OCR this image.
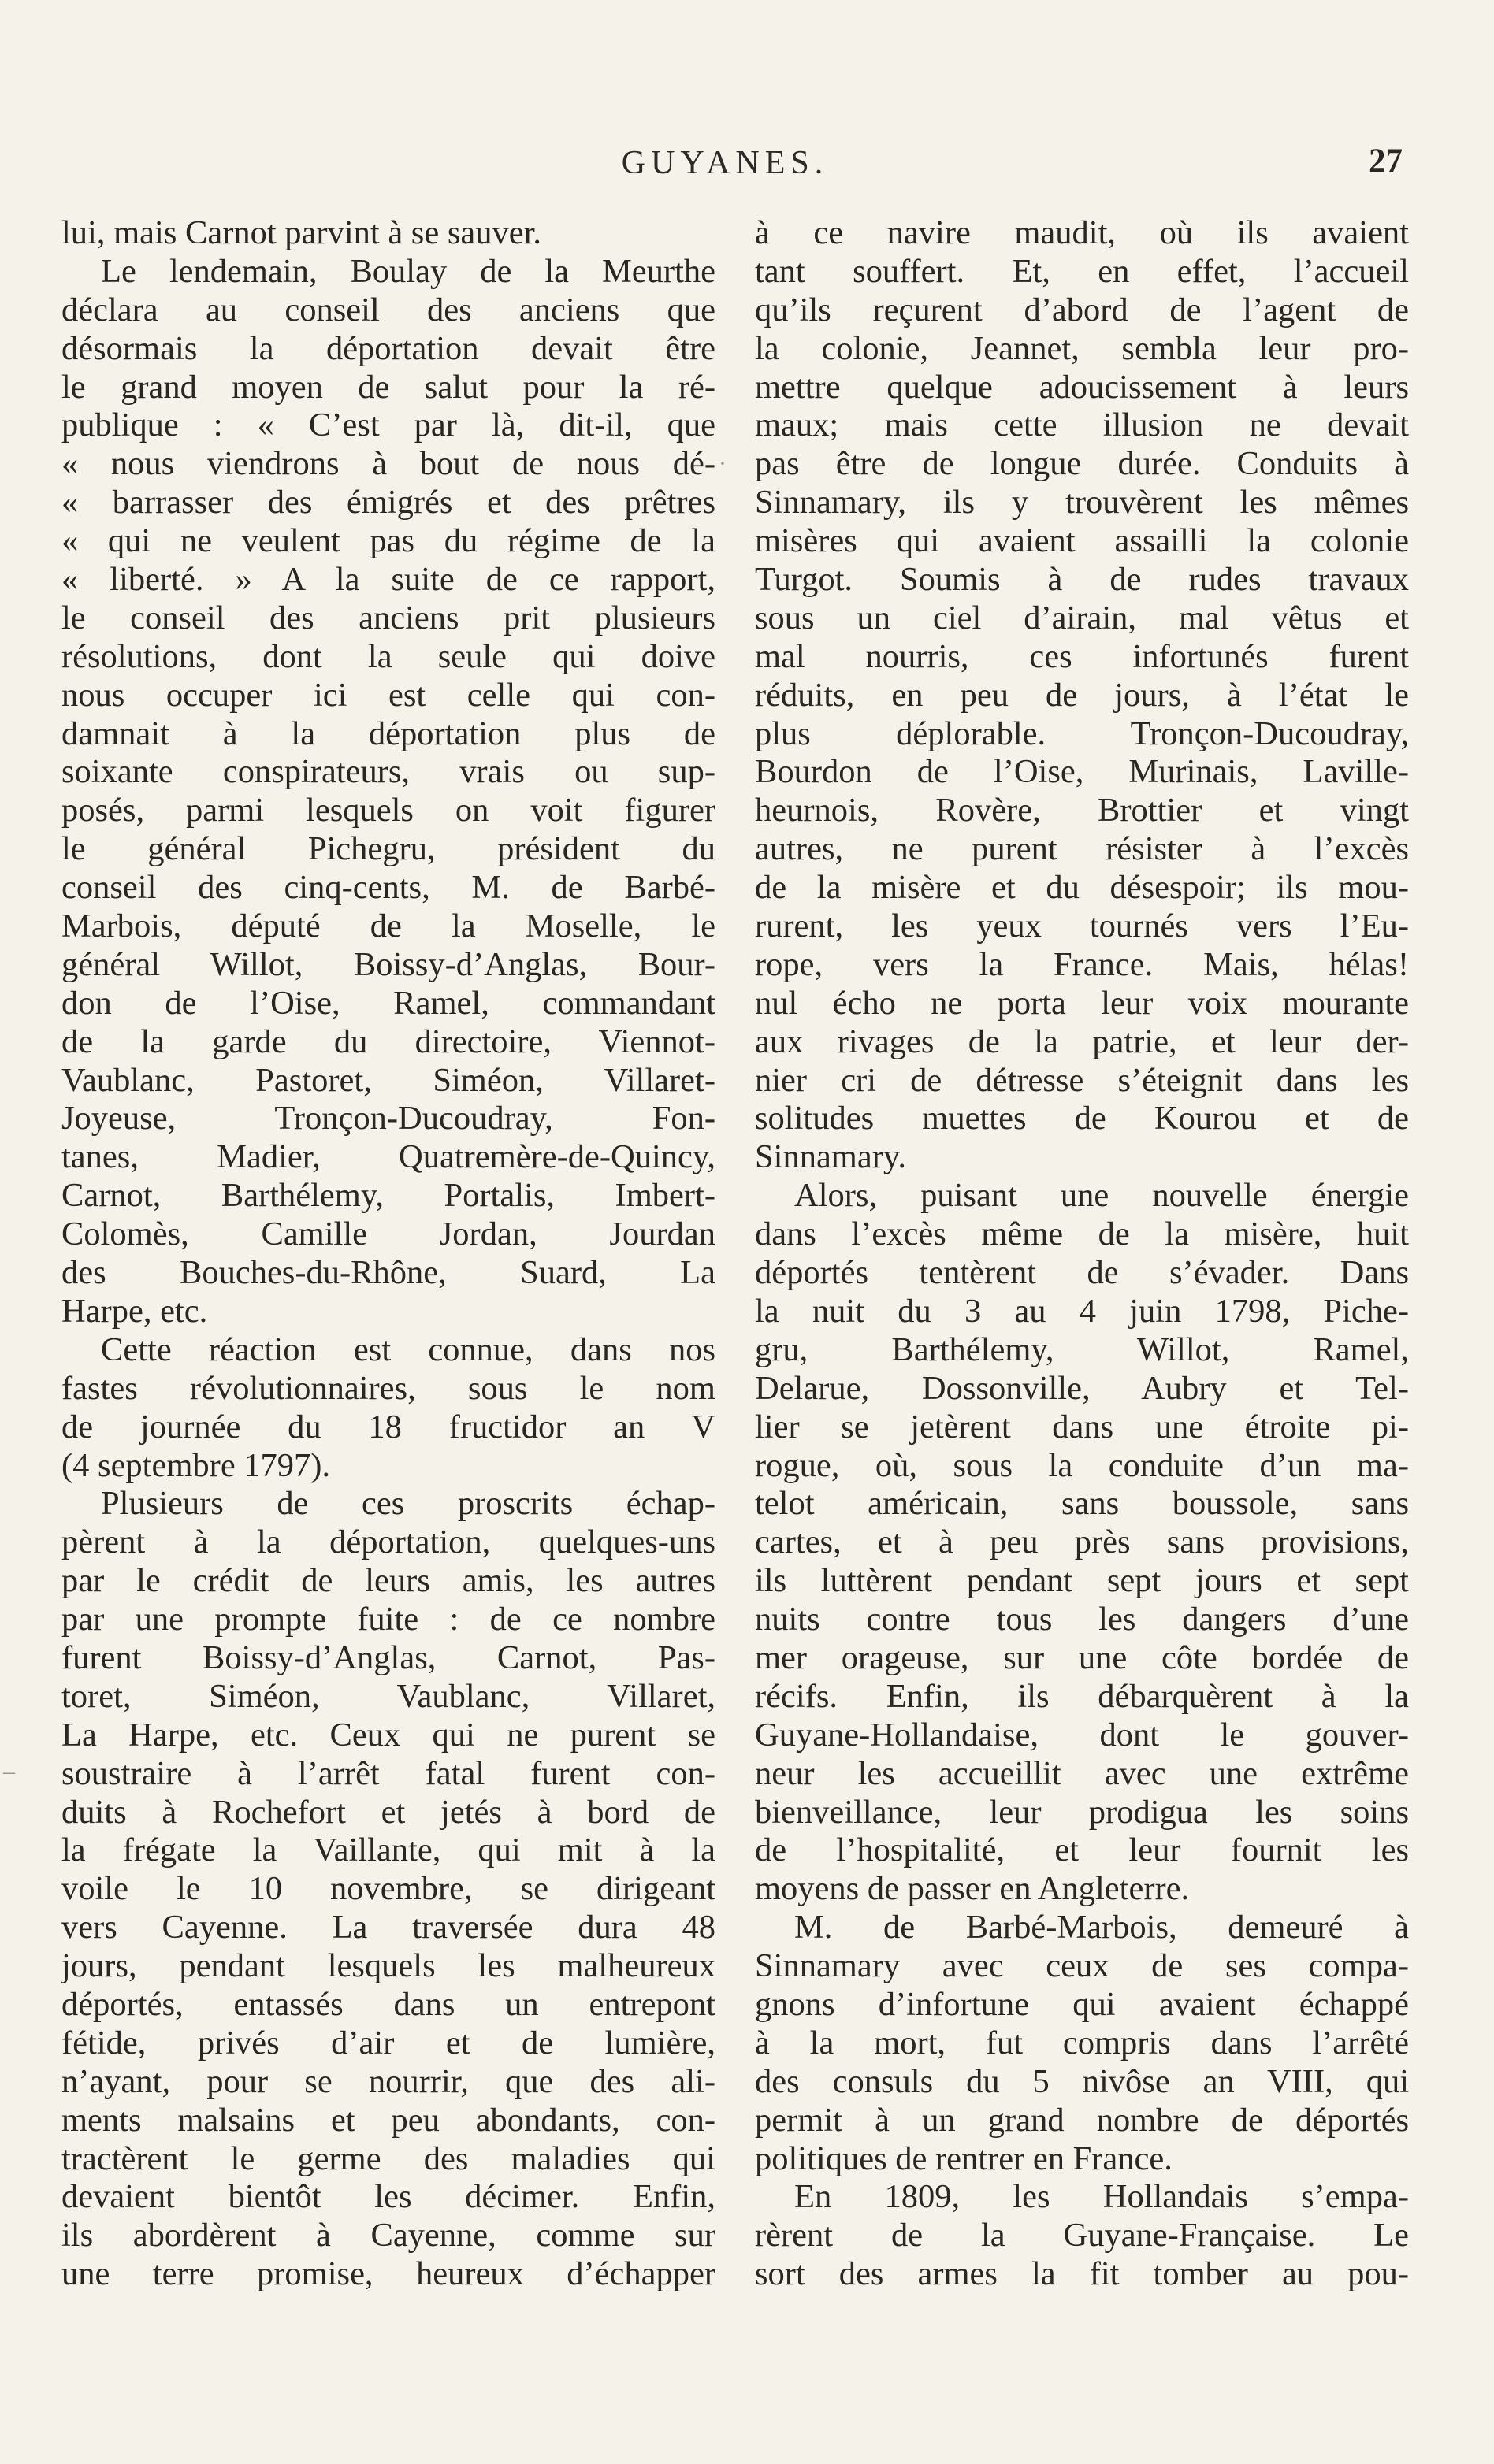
GUYANES.	27
lui, mais Carnot parvint à se sauver.
Le lendemain, Boulay de la Meurthe
déclara au conseil des anciens que
désormais la déportation devait être
le grand moyen de salut pour la ré-
publique : « C’est par là, dit-il, que
« nous viendrons à bout de nous dé-
« barrasser des émigrés et des prêtres
« qui ne veulent pas du régime de la
« liberté. » A la suite de ce rapport,
le conseil des anciens prit plusieurs
résolutions, dont la seule qui doive
nous occuper ici est celle qui con-
damnait à la déportation plus de
soixante conspirateurs, vrais ou sup-
posés, parmi lesquels on voit figurer
le général Pichegru, président du
conseil des cinq-cents, M. de Barbé-
Marbois, député de la Moselle, le
général Willot, Boissy-d’Anglas, Bour-
don de l’Oise, Ramel, commandant
de la garde du directoire, Viennot-
Vaublanc, Pastoret, Siméon, Villaret-
Joyeuse, Tronçon-Ducoudray, Fon-
tanes, Madier, Quatremère-de-Quincy,
Carnot, Barthélemy, Portalis, Imbert-
Colomès, Camille Jordan, Jourdan
des Bouches-du-Rhône, Suard, La
Harpe, etc.
Cette réaction est connue, dans nos
fastes révolutionnaires, sous le nom
de journée du 18 fructidor an V
(4 septembre 1797).
Plusieurs de ces proscrits échap-
pèrent à la déportation, quelques-uns
par le crédit de leurs amis, les autres
par une prompte fuite : de ce nombre
furent Boissy-d’Anglas, Carnot, Pas-
toret, Siméon, Vaublanc, Villaret,
La Harpe, etc. Ceux qui ne purent se
soustraire à l’arrêt fatal furent con-
duits à Rochefort et jetés à bord de
la frégate la Vaillante, qui mit à la
voile le 10 novembre, se dirigeant
vers Cayenne. La traversée dura 48
jours, pendant lesquels les malheureux
déportés, entassés dans un entrepont
fétide, privés d’air et de lumière,
n’ayant, pour se nourrir, que des ali-
ments malsains et peu abondants, con-
tractèrent le germe des maladies qui
devaient bientôt les décimer. Enfin,
ils abordèrent à Cayenne, comme sur
une terre promise, heureux d’échapper
à ce navire maudit, où ils avaient
tant souffert. Et, en effet, l’accueil
qu’ils reçurent d’abord de l’agent de
la colonie, Jeannet, sembla leur pro-
mettre quelque adoucissement à leurs
maux; mais cette illusion ne devait
pas être de longue durée. Conduits à
Sinnamary, ils y trouvèrent les mêmes
misères qui avaient assailli la colonie
Turgot. Soumis à de rudes travaux
sous un ciel d’airain, mal vêtus et
mal nourris, ces infortunés furent
réduits, en peu de jours, à l’état le
plus déplorable. Tronçon-Ducoudray,
Bourdon de l’Oise, Murinais, Laville-
heurnois, Rovère, Brottier et vingt
autres, ne purent résister à l’excès
de la misère et du désespoir; ils mou-
rurent, les yeux tournés vers l’Eu-
rope, vers la France. Mais, hélas!
nul écho ne porta leur voix mourante
aux rivages de la patrie, et leur der-
nier cri de détresse s’éteignit dans les
solitudes muettes de Kourou et de
Sinnamary.
Alors, puisant une nouvelle énergie
dans l’excès même de la misère, huit
déportés tentèrent de s’évader. Dans
la nuit du 3 au 4 juin 1798, Piche-
gru, Barthélemy, Willot, Ramel,
Delarue, Dossonville, Aubry et Tel-
lier se jetèrent dans une étroite pi-
rogue, où, sous la conduite d’un ma-
telot américain, sans boussole, sans
cartes, et à peu près sans provisions,
ils luttèrent pendant sept jours et sept
nuits contre tous les dangers d’une
mer orageuse, sur une côte bordée de
récifs. Enfin, ils débarquèrent à la
Guyane-Hollandaise, dont le gouver-
neur les accueillit avec une extrême
bienveillance, leur prodigua les soins
de l’hospitalité, et leur fournit les
moyens de passer en Angleterre.
M. de Barbé-Marbois, demeuré à
Sinnamary avec ceux de ses compa-
gnons d’infortune qui avaient échappé
à la mort, fut compris dans l’arrêté
des consuls du 5 nivôse an VIII, qui
permit à un grand nombre de déportés
politiques de rentrer en France.
En 1809, les Hollandais s’empa-
rèrent de la Guyane-Française. Le
sort des armes la fit tomber au pou-
·
–
